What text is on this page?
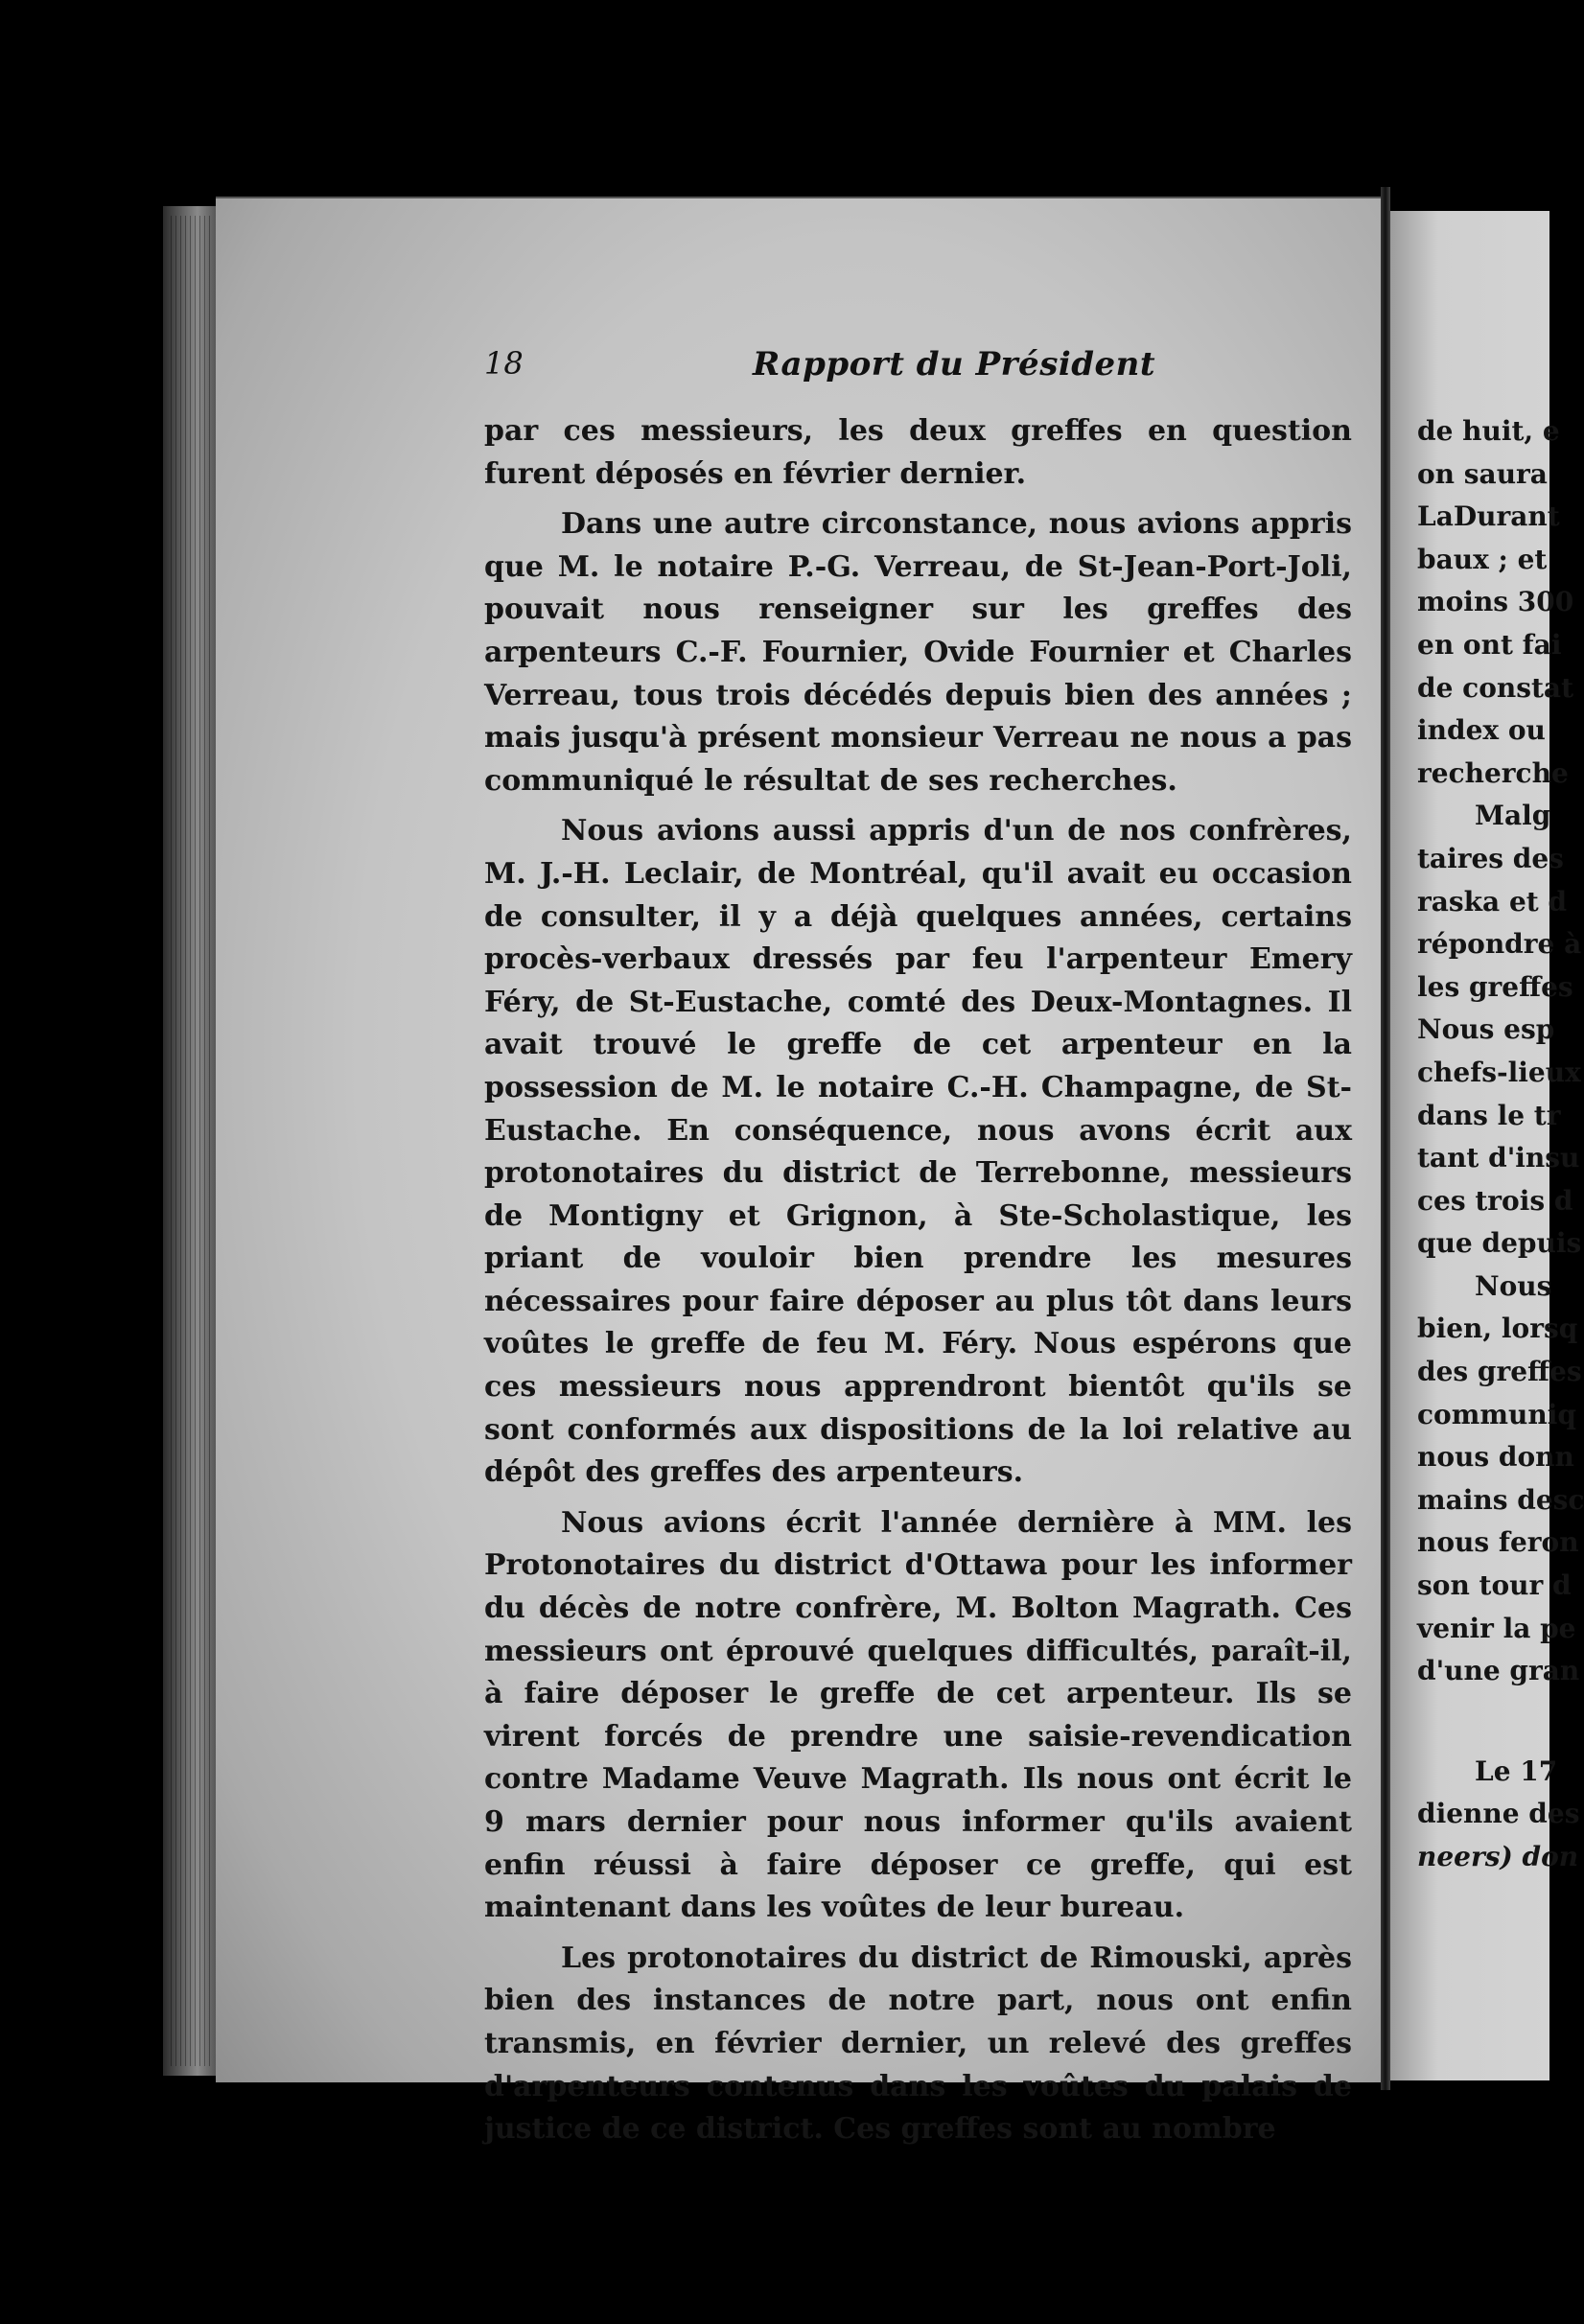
18	Rapport du Président

par ces messieurs, les deux greffes en question furent déposés en février dernier.

Dans une autre circonstance, nous avions appris que M. le notaire P.-G. Verreau, de St-Jean-Port-Joli, pouvait nous renseigner sur les greffes des arpenteurs C.-F. Fournier, Ovide Fournier et Charles Verreau, tous trois décédés depuis bien des années ; mais jusqu'à présent monsieur Verreau ne nous a pas communiqué le résultat de ses recherches.

Nous avions aussi appris d'un de nos confrères, M. J.-H. Leclair, de Montréal, qu'il avait eu occasion de consulter, il y a déjà quelques années, certains procès-verbaux dressés par feu l'arpenteur Emery Féry, de St-Eustache, comté des Deux-Montagnes. Il avait trouvé le greffe de cet arpenteur en la possession de M. le notaire C.-H. Champagne, de St-Eustache. En conséquence, nous avons écrit aux protonotaires du district de Terrebonne, messieurs de Montigny et Grignon, à Ste-Scholastique, les priant de vouloir bien prendre les mesures nécessaires pour faire déposer au plus tôt dans leurs voûtes le greffe de feu M. Féry. Nous espérons que ces messieurs nous apprendront bientôt qu'ils se sont conformés aux dispositions de la loi relative au dépôt des greffes des arpenteurs.

Nous avions écrit l'année dernière à MM. les Protonotaires du district d'Ottawa pour les informer du décès de notre confrère, M. Bolton Magrath. Ces messieurs ont éprouvé quelques difficultés, paraît-il, à faire déposer le greffe de cet arpenteur. Ils se virent forcés de prendre une saisie-revendication contre Madame Veuve Magrath. Ils nous ont écrit le 9 mars dernier pour nous informer qu'ils avaient enfin réussi à faire déposer ce greffe, qui est maintenant dans les voûtes de leur bureau.

Les protonotaires du district de Rimouski, après bien des instances de notre part, nous ont enfin transmis, en février dernier, un relevé des greffes d'arpenteurs contenus dans les voûtes du palais de justice de ce district. Ces greffes sont au nombre

de huit, e
on saura
LaDurant
baux ; et
moins 300
en ont fai
de constat
index ou
recherche
Malg
taires des
raska et d
répondre à
les greffes
Nous esp
chefs-lieux
dans le tr
tant d'insu
ces trois d
que depuis
Nous
bien, lorsq
des greffes
communiq
nous donn
mains desc
nous feron
son tour d
venir la pe
d'une gran
Le 17
dienne des
neers) don
